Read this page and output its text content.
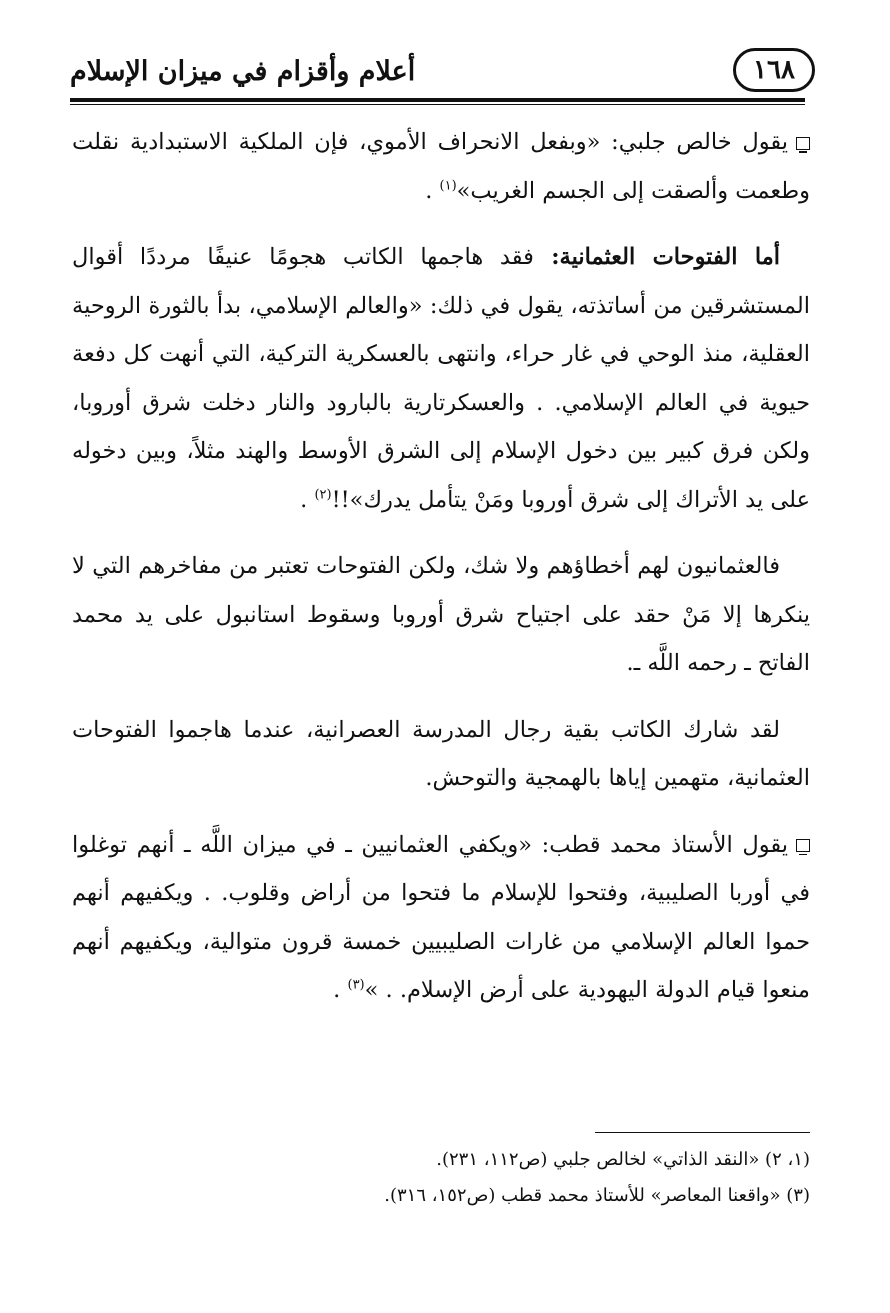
١٦٨
أعلام وأقزام في ميزان الإسلام

يقول خالص جلبي: «وبفعل الانحراف الأموي، فإن الملكية الاستبدادية نقلت وطعمت وألصقت إلى الجسم الغريب»$^{(١)}$ .

أما الفتوحات العثمانية: فقد هاجمها الكاتب هجومًا عنيفًا مرددًا أقوال المستشرقين من أساتذته، يقول في ذلك: «والعالم الإسلامي، بدأ بالثورة الروحية العقلية، منذ الوحي في غار حراء، وانتهى بالعسكرية التركية، التي أنهت كل دفعة حيوية في العالم الإسلامي. . والعسكرتارية بالبارود والنار دخلت شرق أوروبا، ولكن فرق كبير بين دخول الإسلام إلى الشرق الأوسط والهند مثلاً، وبين دخوله على يد الأتراك إلى شرق أوروبا ومَنْ يتأمل يدرك»!!$^{(٢)}$ .

فالعثمانيون لهم أخطاؤهم ولا شك، ولكن الفتوحات تعتبر من مفاخرهم التي لا ينكرها إلا مَنْ حقد على اجتياح شرق أوروبا وسقوط استانبول على يد محمد الفاتح ـ رحمه اللَّه ـ.

لقد شارك الكاتب بقية رجال المدرسة العصرانية، عندما هاجموا الفتوحات العثمانية، متهمين إياها بالهمجية والتوحش.

يقول الأستاذ محمد قطب: «ويكفي العثمانيين ـ في ميزان اللَّه ـ أنهم توغلوا في أوربا الصليبية، وفتحوا للإسلام ما فتحوا من أراض وقلوب. . ويكفيهم أنهم حموا العالم الإسلامي من غارات الصليبيين خمسة قرون متوالية، ويكفيهم أنهم منعوا قيام الدولة اليهودية على أرض الإسلام. . »$^{(٣)}$ .

(١، ٢) «النقد الذاتي» لخالص جلبي (ص١١٢، ٢٣١).

(٣) «واقعنا المعاصر» للأستاذ محمد قطب (ص١٥٢، ٣١٦).
